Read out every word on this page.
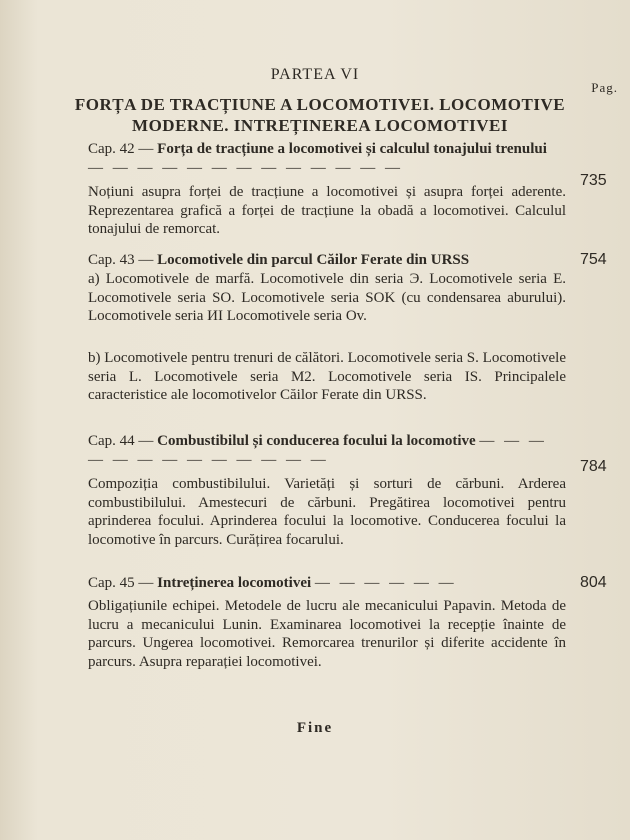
PARTEA VI
Pag.
FORȚA DE TRACȚIUNE A LOCOMOTIVEI. LOCOMOTIVE
MODERNE. INTREȚINEREA LOCOMOTIVEI
Cap. 42 — Forța de tracțiune a locomotivei și calculul tonajului trenului — — — — — — — — — — — — —
735
Noțiuni asupra forței de tracțiune a locomotivei și asupra forței aderente. Reprezentarea grafică a forței de tracțiune la obadă a locomotivei. Calculul tonajului de remorcat.
Cap. 43 — Locomotivele din parcul Căilor Ferate din URSS	754
a) Locomotivele de marfă. Locomotivele din seria Э. Locomotivele seria E. Locomotivele seria SO. Locomotivele seria SOK (cu condensarea aburului). Locomotivele seria ИI Locomotivele seria Ov.
b) Locomotivele pentru trenuri de călători. Locomotivele seria S. Locomotivele seria L. Locomotivele seria M2. Locomotivele seria IS. Principalele caracteristice ale locomotivelor Căilor Ferate din URSS.
Cap. 44 — Combustibilul și conducerea focului la locomotive — — — — — — — — — — — — —	784
Compoziția combustibilului. Varietăți și sorturi de cărbuni. Arderea combustibilului. Amestecuri de cărbuni. Pregătirea locomotivei pentru aprinderea focului. Aprinderea focului la locomotive. Conducerea focului la locomotive în parcurs. Curățirea focarului.
Cap. 45 — Intreținerea locomotivei — — — — — —	804
Obligațiunile echipei. Metodele de lucru ale mecanicului Papavin. Metoda de lucru a mecanicului Lunin. Examinarea locomotivei la recepție înainte de parcurs. Ungerea locomotivei. Remorcarea trenurilor și diferite accidente în parcurs. Asupra reparației locomotivei.
Fine
